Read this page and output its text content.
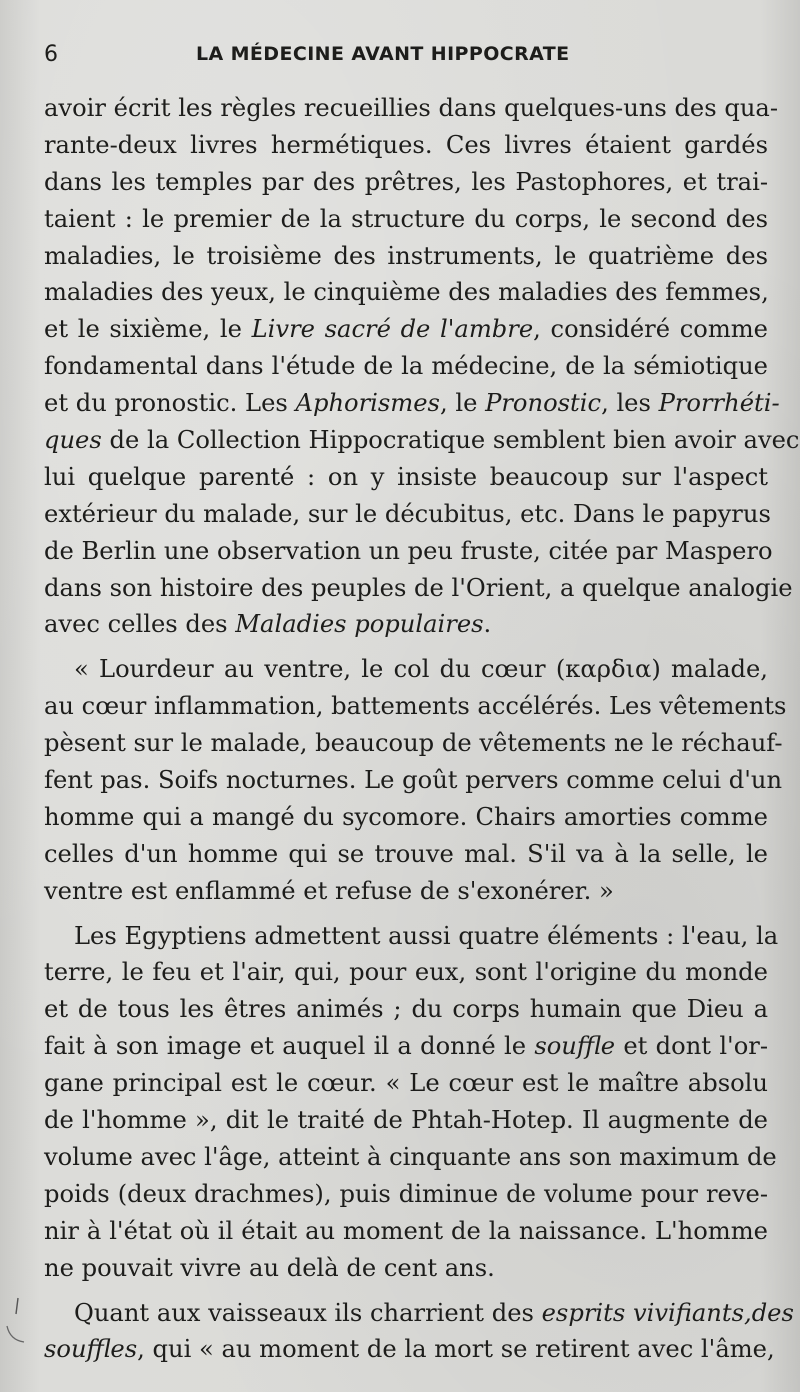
6	LA MÉDECINE AVANT HIPPOCRATE
avoir écrit les règles recueillies dans quelques-uns des qua-
rante-deux livres hermétiques. Ces livres étaient gardés
dans les temples par des prêtres, les Pastophores, et trai-
taient : le premier de la structure du corps, le second des
maladies, le troisième des instruments, le quatrième des
maladies des yeux, le cinquième des maladies des femmes,
et le sixième, le Livre sacré de l'ambre, considéré comme
fondamental dans l'étude de la médecine, de la sémiotique
et du pronostic. Les Aphorismes, le Pronostic, les Prorrhéti-
ques de la Collection Hippocratique semblent bien avoir avec
lui quelque parenté : on y insiste beaucoup sur l'aspect
extérieur du malade, sur le décubitus, etc. Dans le papyrus
de Berlin une observation un peu fruste, citée par Maspero
dans son histoire des peuples de l'Orient, a quelque analogie
avec celles des Maladies populaires.
« Lourdeur au ventre, le col du cœur (καρδια) malade,
au cœur inflammation, battements accélérés. Les vêtements
pèsent sur le malade, beaucoup de vêtements ne le réchauf-
fent pas. Soifs nocturnes. Le goût pervers comme celui d'un
homme qui a mangé du sycomore. Chairs amorties comme
celles d'un homme qui se trouve mal. S'il va à la selle, le
ventre est enflammé et refuse de s'exonérer. »
Les Egyptiens admettent aussi quatre éléments : l'eau, la
terre, le feu et l'air, qui, pour eux, sont l'origine du monde
et de tous les êtres animés ; du corps humain que Dieu a
fait à son image et auquel il a donné le souffle et dont l'or-
gane principal est le cœur. « Le cœur est le maître absolu
de l'homme », dit le traité de Phtah-Hotep. Il augmente de
volume avec l'âge, atteint à cinquante ans son maximum de
poids (deux drachmes), puis diminue de volume pour reve-
nir à l'état où il était au moment de la naissance. L'homme
ne pouvait vivre au delà de cent ans.
Quant aux vaisseaux ils charrient des esprits vivifiants,des
souffles, qui « au moment de la mort se retirent avec l'âme,
